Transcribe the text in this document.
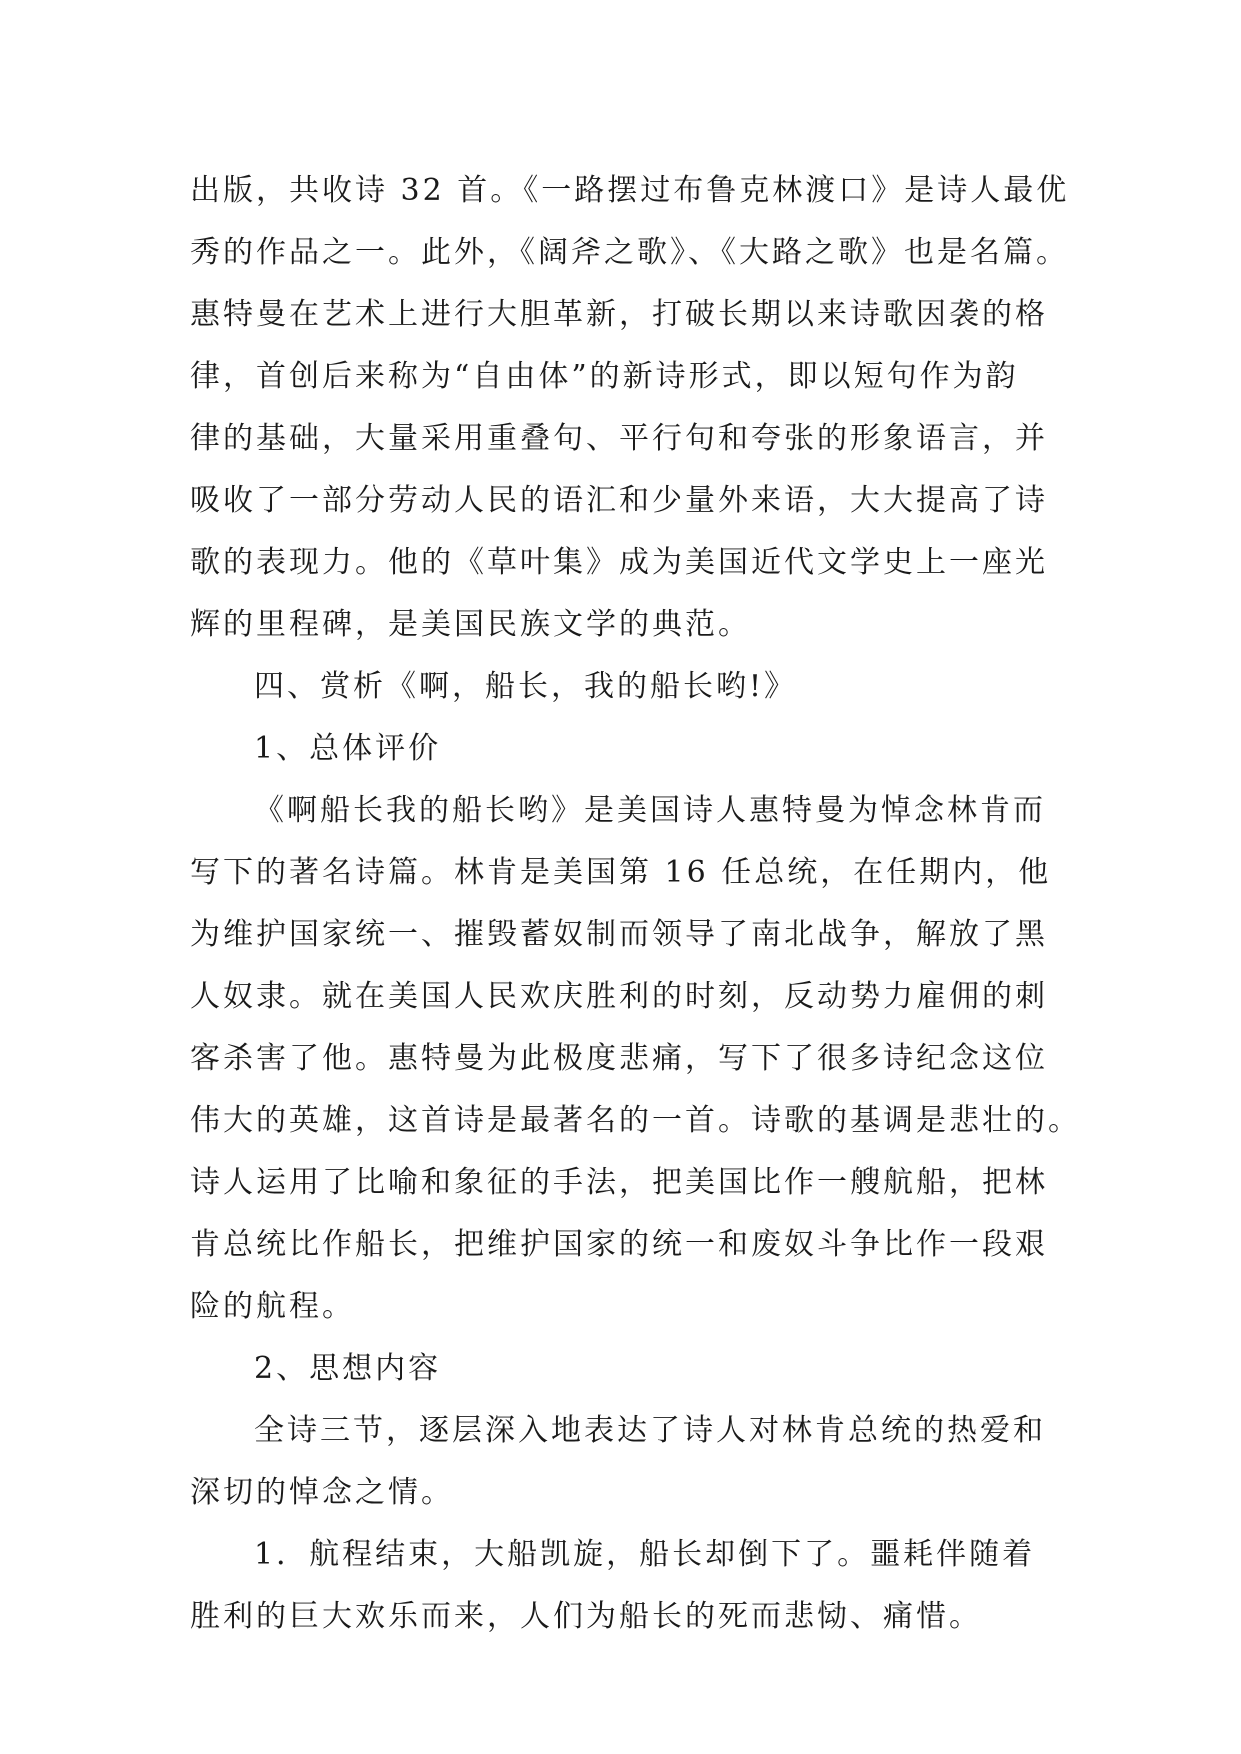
出版，共收诗 32 首。《一路摆过布鲁克林渡口》是诗人最优
秀的作品之一。此外，《阔斧之歌》、《大路之歌》也是名篇。
惠特曼在艺术上进行大胆革新，打破长期以来诗歌因袭的格
律，首创后来称为“自由体”的新诗形式，即以短句作为韵
律的基础，大量采用重叠句、平行句和夸张的形象语言，并
吸收了一部分劳动人民的语汇和少量外来语，大大提高了诗
歌的表现力。他的《草叶集》成为美国近代文学史上一座光
辉的里程碑，是美国民族文学的典范。
四、赏析《啊，船长，我的船长哟!》
1、总体评价
《啊船长我的船长哟》是美国诗人惠特曼为悼念林肯而
写下的著名诗篇。林肯是美国第 16 任总统，在任期内，他
为维护国家统一、摧毁蓄奴制而领导了南北战争，解放了黑
人奴隶。就在美国人民欢庆胜利的时刻，反动势力雇佣的刺
客杀害了他。惠特曼为此极度悲痛，写下了很多诗纪念这位
伟大的英雄，这首诗是最著名的一首。诗歌的基调是悲壮的。
诗人运用了比喻和象征的手法，把美国比作一艘航船，把林
肯总统比作船长，把维护国家的统一和废奴斗争比作一段艰
险的航程。
2、思想内容
全诗三节，逐层深入地表达了诗人对林肯总统的热爱和
深切的悼念之情。
1．航程结束，大船凯旋，船长却倒下了。噩耗伴随着
胜利的巨大欢乐而来，人们为船长的死而悲恸、痛惜。
